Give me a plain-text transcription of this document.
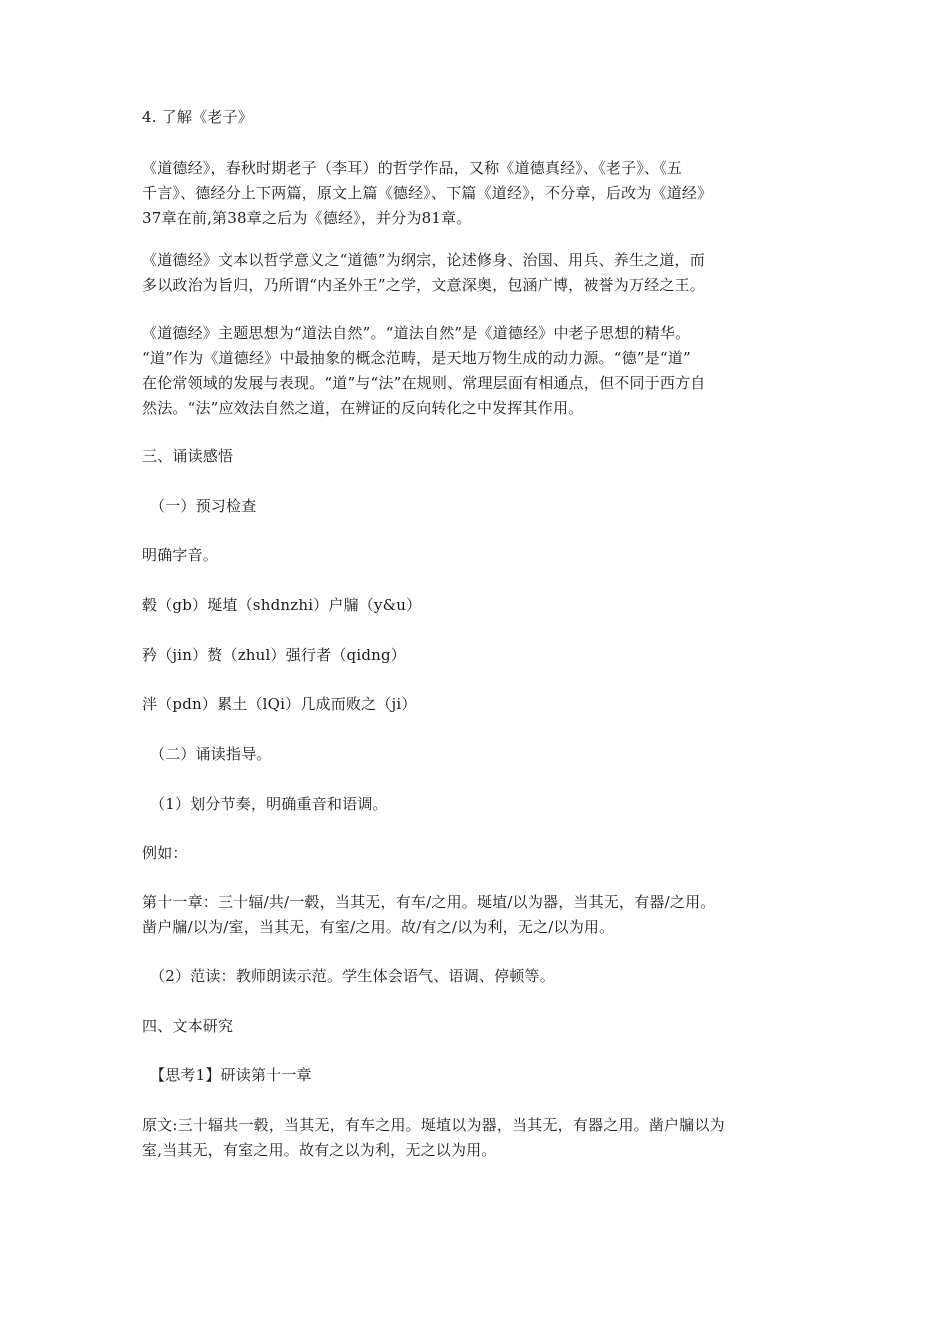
4. 了解《老子》
《道德经》，春秋时期老子（李耳）的哲学作品，又称《道德真经》、《老子》、《五
千言》、德经分上下两篇，原文上篇《德经》、下篇《道经》，不分章，后改为《道经》
37章在前,第38章之后为《德经》，并分为81章。
《道德经》文本以哲学意义之“道德”为纲宗，论述修身、治国、用兵、养生之道，而
多以政治为旨归，乃所谓“内圣外王”之学，文意深奥，包涵广博，被誉为万经之王。
《道德经》主题思想为“道法自然”。“道法自然”是《道德经》中老子思想的精华。
“道”作为《道德经》中最抽象的概念范畴，是天地万物生成的动力源。“德”是“道”
在伦常领域的发展与表现。“道”与“法”在规则、常理层面有相通点，但不同于西方自
然法。“法”应效法自然之道，在辨证的反向转化之中发挥其作用。
三、诵读感悟
（一）预习检查
明确字音。
毂（gb）埏埴（shdnzhi）户牖（y&u）
矜（jin）赘（zhul）强行者（qidng）
泮（pdn）累土（lQi）几成而败之（ji）
（二）诵读指导。
（1）划分节奏，明确重音和语调。
例如：
第十一章：三十辐/共/一毂，当其无，有车/之用。埏埴/以为器，当其无，有器/之用。
凿户牖/以为/室，当其无，有室/之用。故/有之/以为利，无之/以为用。
（2）范读：教师朗读示范。学生体会语气、语调、停顿等。
四、文本研究
【思考1】研读第十一章
原文:三十辐共一毂，当其无，有车之用。埏埴以为器，当其无，有器之用。凿户牖以为
室,当其无，有室之用。故有之以为利，无之以为用。
